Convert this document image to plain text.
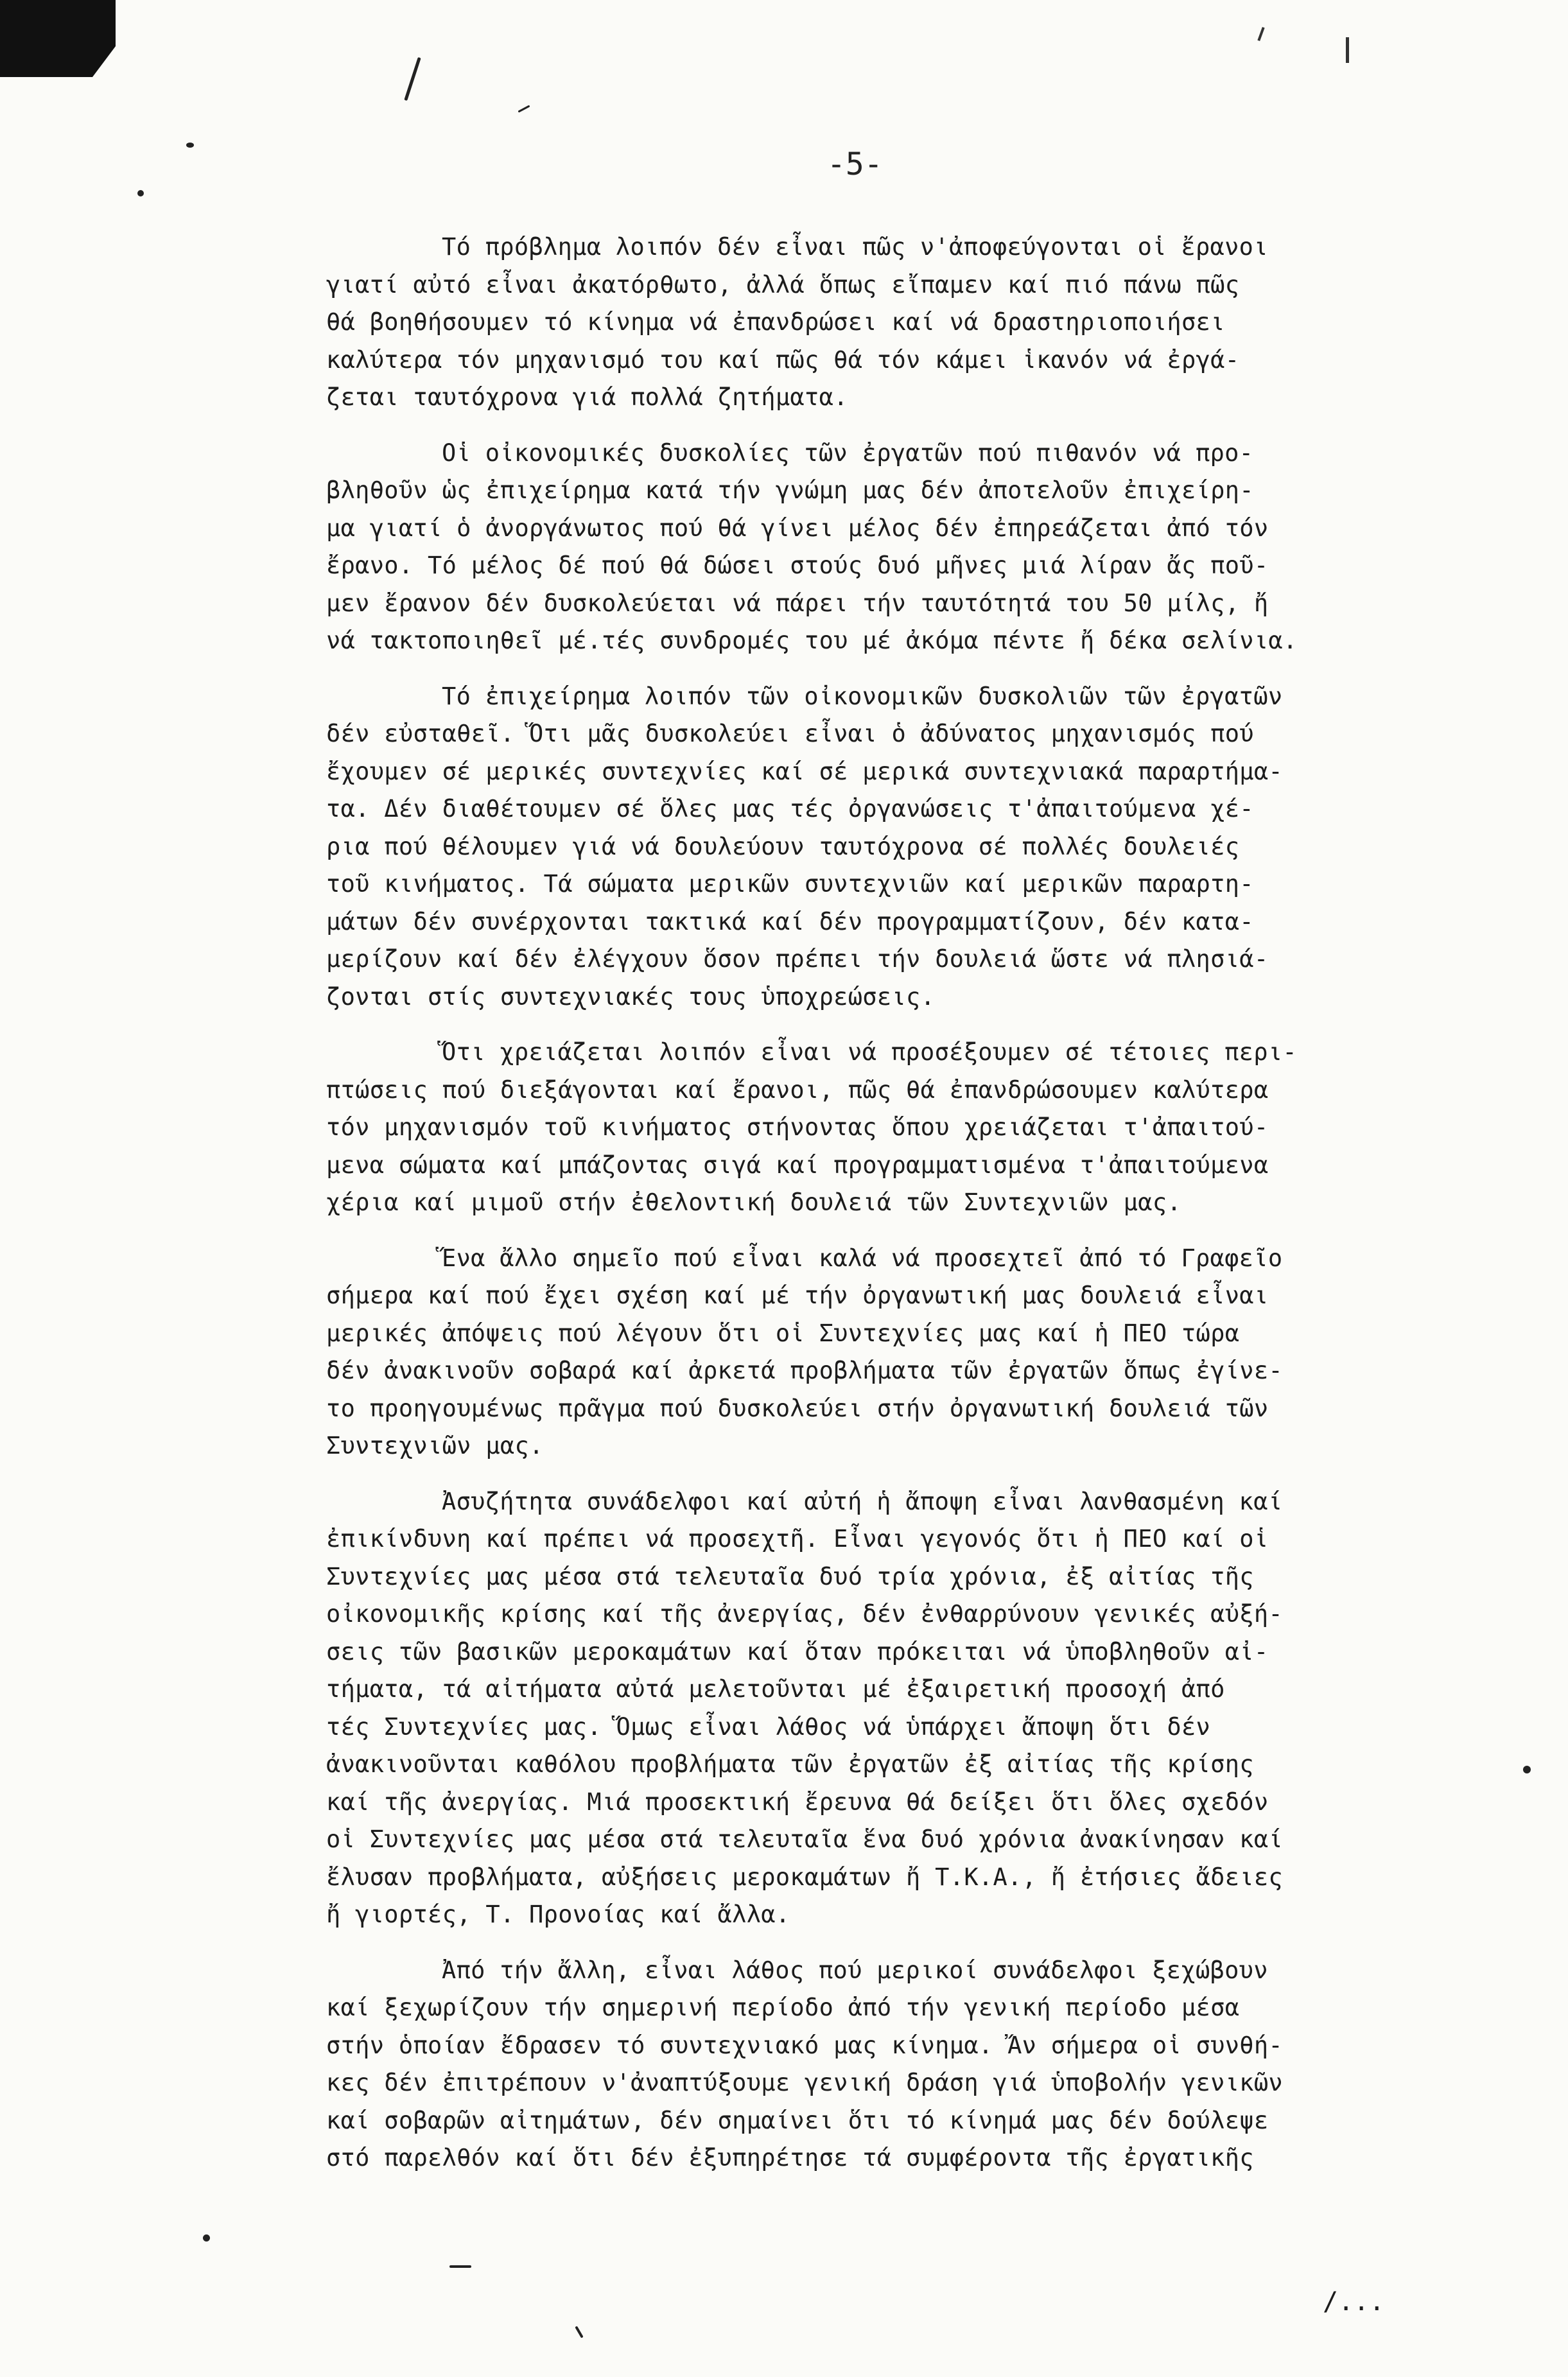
-5-
Τό πρόβλημα λοιπόν δέν εἶναι πῶς ν'ἀποφεύγονται οἱ ἔρανοι
γιατί αὐτό εἶναι ἀκατόρθωτο, ἀλλά ὅπως εἴπαμεν καί πιό πάνω πῶς
θά βοηθήσουμεν τό κίνημα νά ἐπανδρώσει καί νά δραστηριοποιήσει
καλύτερα τόν μηχανισμό του καί πῶς θά τόν κάμει ἱκανόν νά ἐργά-
ζεται ταυτόχρονα γιά πολλά ζητήματα.
Οἱ οἰκονομικές δυσκολίες τῶν ἐργατῶν πού πιθανόν νά προ-
βληθοῦν ὡς ἐπιχείρημα κατά τήν γνώμη μας δέν ἀποτελοῦν ἐπιχείρη-
μα γιατί ὁ ἀνοργάνωτος πού θά γίνει μέλος δέν ἐπηρεάζεται ἀπό τόν
ἔρανο. Τό μέλος δέ πού θά δώσει στούς δυό μῆνες μιά λίραν ἄς ποῦ-
μεν ἔρανον δέν δυσκολεύεται νά πάρει τήν ταυτότητά του 50 μίλς, ἤ
νά τακτοποιηθεῖ μέ.τές συνδρομές του μέ ἀκόμα πέντε ἤ δέκα σελίνια.
Τό ἐπιχείρημα λοιπόν τῶν οἰκονομικῶν δυσκολιῶν τῶν ἐργατῶν
δέν εὐσταθεῖ. Ὅτι μᾶς δυσκολεύει εἶναι ὁ ἀδύνατος μηχανισμός πού
ἔχουμεν σέ μερικές συντεχνίες καί σέ μερικά συντεχνιακά παραρτήμα-
τα. Δέν διαθέτουμεν σέ ὅλες μας τές ὀργανώσεις τ'ἀπαιτούμενα χέ-
ρια πού θέλουμεν γιά νά δουλεύουν ταυτόχρονα σέ πολλές δουλειές
τοῦ κινήματος. Τά σώματα μερικῶν συντεχνιῶν καί μερικῶν παραρτη-
μάτων δέν συνέρχονται τακτικά καί δέν προγραμματίζουν, δέν κατα-
μερίζουν καί δέν ἐλέγχουν ὅσον πρέπει τήν δουλειά ὥστε νά πλησιά-
ζονται στίς συντεχνιακές τους ὑποχρεώσεις.
Ὅτι χρειάζεται λοιπόν εἶναι νά προσέξουμεν σέ τέτοιες περι-
πτώσεις πού διεξάγονται καί ἔρανοι, πῶς θά ἐπανδρώσουμεν καλύτερα
τόν μηχανισμόν τοῦ κινήματος στήνοντας ὅπου χρειάζεται τ'ἀπαιτού-
μενα σώματα καί μπάζοντας σιγά καί προγραμματισμένα τ'ἀπαιτούμενα
χέρια καί μιμοῦ στήν ἐθελοντική δουλειά τῶν Συντεχνιῶν μας.
Ἕνα ἄλλο σημεῖο πού εἶναι καλά νά προσεχτεῖ ἀπό τό Γραφεῖο
σήμερα καί πού ἔχει σχέση καί μέ τήν ὀργανωτική μας δουλειά εἶναι
μερικές ἀπόψεις πού λέγουν ὅτι οἱ Συντεχνίες μας καί ἡ ΠΕΟ τώρα
δέν ἀνακινοῦν σοβαρά καί ἀρκετά προβλήματα τῶν ἐργατῶν ὅπως ἐγίνε-
το προηγουμένως πρᾶγμα πού δυσκολεύει στήν ὀργανωτική δουλειά τῶν
Συντεχνιῶν μας.
Ἀσυζήτητα συνάδελφοι καί αὐτή ἡ ἄποψη εἶναι λανθασμένη καί
ἐπικίνδυνη καί πρέπει νά προσεχτῆ. Εἶναι γεγονός ὅτι ἡ ΠΕΟ καί οἱ
Συντεχνίες μας μέσα στά τελευταῖα δυό τρία χρόνια, ἐξ αἰτίας τῆς
οἰκονομικῆς κρίσης καί τῆς ἀνεργίας, δέν ἐνθαρρύνουν γενικές αὐξή-
σεις τῶν βασικῶν μεροκαμάτων καί ὅταν πρόκειται νά ὑποβληθοῦν αἰ-
τήματα, τά αἰτήματα αὐτά μελετοῦνται μέ ἐξαιρετική προσοχή ἀπό
τές Συντεχνίες μας. Ὅμως εἶναι λάθος νά ὑπάρχει ἄποψη ὅτι δέν
ἀνακινοῦνται καθόλου προβλήματα τῶν ἐργατῶν ἐξ αἰτίας τῆς κρίσης
καί τῆς ἀνεργίας. Μιά προσεκτική ἔρευνα θά δείξει ὅτι ὅλες σχεδόν
οἱ Συντεχνίες μας μέσα στά τελευταῖα ἕνα δυό χρόνια ἀνακίνησαν καί
ἔλυσαν προβλήματα, αὐξήσεις μεροκαμάτων ἤ Τ.Κ.Α., ἤ ἐτήσιες ἄδειες
ἤ γιορτές, Τ. Προνοίας καί ἄλλα.
Ἀπό τήν ἄλλη, εἶναι λάθος πού μερικοί συνάδελφοι ξεχώβουν
καί ξεχωρίζουν τήν σημερινή περίοδο ἀπό τήν γενική περίοδο μέσα
στήν ὁποίαν ἔδρασεν τό συντεχνιακό μας κίνημα. Ἄν σήμερα οἱ συνθή-
κες δέν ἐπιτρέπουν ν'ἀναπτύξουμε γενική δράση γιά ὑποβολήν γενικῶν
καί σοβαρῶν αἰτημάτων, δέν σημαίνει ὅτι τό κίνημά μας δέν δούλεψε
στό παρελθόν καί ὅτι δέν ἐξυπηρέτησε τά συμφέροντα τῆς ἐργατικῆς
/...
